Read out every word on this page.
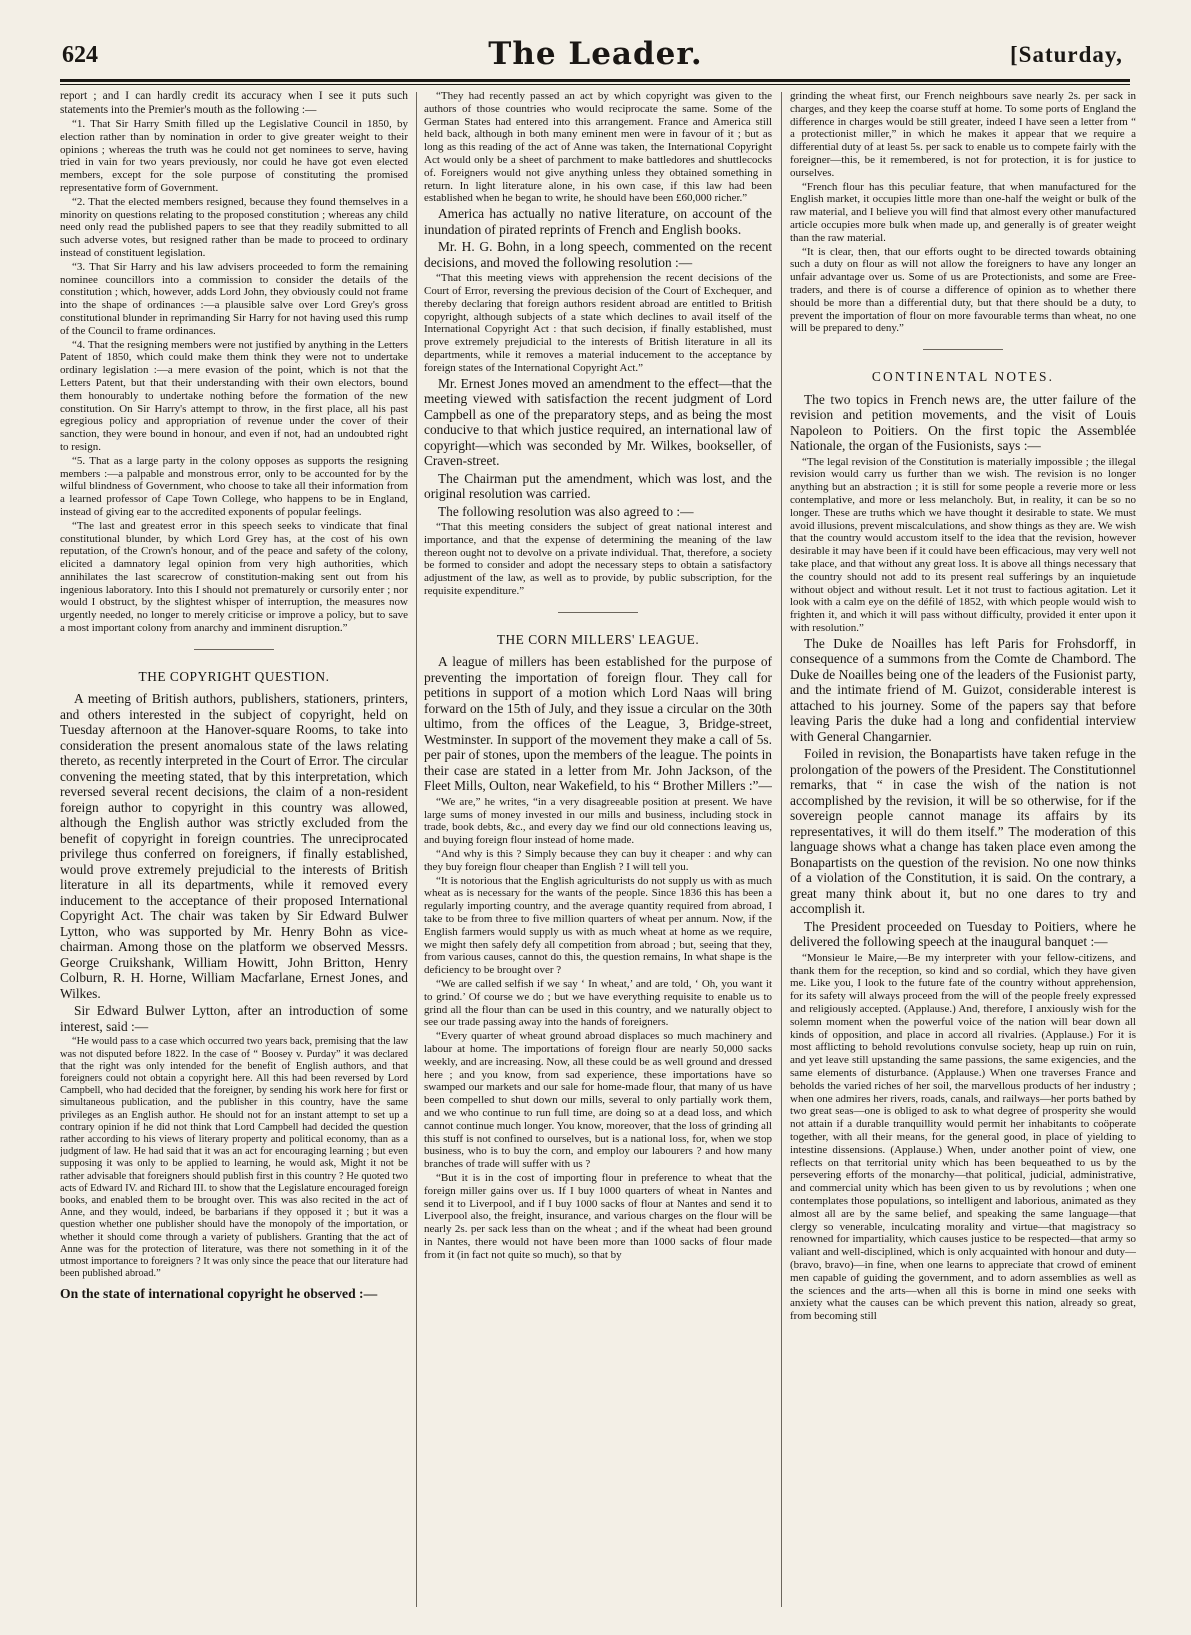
624	The Leader.	[Saturday,

report ; and I can hardly credit its accuracy when I see it puts such statements into the Premier's mouth as the following :—

“1. That Sir Harry Smith filled up the Legislative Council in 1850, by election rather than by nomination in order to give greater weight to their opinions ; whereas the truth was he could not get nominees to serve, having tried in vain for two years previously, nor could he have got even elected members, except for the sole purpose of constituting the promised representative form of Government.

“2. That the elected members resigned, because they found themselves in a minority on questions relating to the proposed constitution ; whereas any child need only read the published papers to see that they readily submitted to all such adverse votes, but resigned rather than be made to proceed to ordinary instead of constituent legislation.

“3. That Sir Harry and his law advisers proceeded to form the remaining nominee councillors into a commission to consider the details of the constitution ; which, however, adds Lord John, they obviously could not frame into the shape of ordinances :—a plausible salve over Lord Grey's gross constitutional blunder in reprimanding Sir Harry for not having used this rump of the Council to frame ordinances.

“4. That the resigning members were not justified by anything in the Letters Patent of 1850, which could make them think they were not to undertake ordinary legislation :—a mere evasion of the point, which is not that the Letters Patent, but that their understanding with their own electors, bound them honourably to undertake nothing before the formation of the new constitution. On Sir Harry's attempt to throw, in the first place, all his past egregious policy and appropriation of revenue under the cover of their sanction, they were bound in honour, and even if not, had an undoubted right to resign.

“5. That as a large party in the colony opposes as supports the resigning members :—a palpable and monstrous error, only to be accounted for by the wilful blindness of Government, who choose to take all their information from a learned professor of Cape Town College, who happens to be in England, instead of giving ear to the accredited exponents of popular feelings.

“The last and greatest error in this speech seeks to vindicate that final constitutional blunder, by which Lord Grey has, at the cost of his own reputation, of the Crown's honour, and of the peace and safety of the colony, elicited a damnatory legal opinion from very high authorities, which annihilates the last scarecrow of constitution-making sent out from his ingenious laboratory. Into this I should not prematurely or cursorily enter ; nor would I obstruct, by the slightest whisper of interruption, the measures now urgently needed, no longer to merely criticise or improve a policy, but to save a most important colony from anarchy and imminent disruption.”

THE COPYRIGHT QUESTION.

A meeting of British authors, publishers, stationers, printers, and others interested in the subject of copyright, held on Tuesday afternoon at the Hanover-square Rooms, to take into consideration the present anomalous state of the laws relating thereto, as recently interpreted in the Court of Error. The circular convening the meeting stated, that by this interpretation, which reversed several recent decisions, the claim of a non-resident foreign author to copyright in this country was allowed, although the English author was strictly excluded from the benefit of copyright in foreign countries. The unreciprocated privilege thus conferred on foreigners, if finally established, would prove extremely prejudicial to the interests of British literature in all its departments, while it removed every inducement to the acceptance of their proposed International Copyright Act. The chair was taken by Sir Edward Bulwer Lytton, who was supported by Mr. Henry Bohn as vice-chairman. Among those on the platform we observed Messrs. George Cruikshank, William Howitt, John Britton, Henry Colburn, R. H. Horne, William Macfarlane, Ernest Jones, and Wilkes.

Sir Edward Bulwer Lytton, after an introduction of some interest, said :—

“He would pass to a case which occurred two years back, premising that the law was not disputed before 1822. In the case of “ Boosey v. Purday” it was declared that the right was only intended for the benefit of English authors, and that foreigners could not obtain a copyright here. All this had been reversed by Lord Campbell, who had decided that the foreigner, by sending his work here for first or simultaneous publication, and the publisher in this country, have the same privileges as an English author. He should not for an instant attempt to set up a contrary opinion if he did not think that Lord Campbell had decided the question rather according to his views of literary property and political economy, than as a judgment of law. He had said that it was an act for encouraging learning ; but even supposing it was only to be applied to learning, he would ask, Might it not be rather advisable that foreigners should publish first in this country ? He quoted two acts of Edward IV. and Richard III. to show that the Legislature encouraged foreign books, and enabled them to be brought over. This was also recited in the act of Anne, and they would, indeed, be barbarians if they opposed it ; but it was a question whether one publisher should have the monopoly of the importation, or whether it should come through a variety of publishers. Granting that the act of Anne was for the protection of literature, was there not something in it of the utmost importance to foreigners ? It was only since the peace that our literature had been published abroad.”

On the state of international copyright he observed :—

“They had recently passed an act by which copyright was given to the authors of those countries who would reciprocate the same. Some of the German States had entered into this arrangement. France and America still held back, although in both many eminent men were in favour of it ; but as long as this reading of the act of Anne was taken, the International Copyright Act would only be a sheet of parchment to make battledores and shuttlecocks of. Foreigners would not give anything unless they obtained something in return. In light literature alone, in his own case, if this law had been established when he began to write, he should have been £60,000 richer.”

America has actually no native literature, on account of the inundation of pirated reprints of French and English books.

Mr. H. G. Bohn, in a long speech, commented on the recent decisions, and moved the following resolution :—

“That this meeting views with apprehension the recent decisions of the Court of Error, reversing the previous decision of the Court of Exchequer, and thereby declaring that foreign authors resident abroad are entitled to British copyright, although subjects of a state which declines to avail itself of the International Copyright Act : that such decision, if finally established, must prove extremely prejudicial to the interests of British literature in all its departments, while it removes a material inducement to the acceptance by foreign states of the International Copyright Act.”

Mr. Ernest Jones moved an amendment to the effect—that the meeting viewed with satisfaction the recent judgment of Lord Campbell as one of the preparatory steps, and as being the most conducive to that which justice required, an international law of copyright—which was seconded by Mr. Wilkes, bookseller, of Craven-street.

The Chairman put the amendment, which was lost, and the original resolution was carried.

The following resolution was also agreed to :—

“That this meeting considers the subject of great national interest and importance, and that the expense of determining the meaning of the law thereon ought not to devolve on a private individual. That, therefore, a society be formed to consider and adopt the necessary steps to obtain a satisfactory adjustment of the law, as well as to provide, by public subscription, for the requisite expenditure.”

THE CORN MILLERS' LEAGUE.

A league of millers has been established for the purpose of preventing the importation of foreign flour. They call for petitions in support of a motion which Lord Naas will bring forward on the 15th of July, and they issue a circular on the 30th ultimo, from the offices of the League, 3, Bridge-street, Westminster. In support of the movement they make a call of 5s. per pair of stones, upon the members of the league. The points in their case are stated in a letter from Mr. John Jackson, of the Fleet Mills, Oulton, near Wakefield, to his “ Brother Millers :”—

“We are,” he writes, “in a very disagreeable position at present. We have large sums of money invested in our mills and business, including stock in trade, book debts, &c., and every day we find our old connections leaving us, and buying foreign flour instead of home made.

“And why is this ? Simply because they can buy it cheaper : and why can they buy foreign flour cheaper than English ? I will tell you.

“It is notorious that the English agriculturists do not supply us with as much wheat as is necessary for the wants of the people. Since 1836 this has been a regularly importing country, and the average quantity required from abroad, I take to be from three to five million quarters of wheat per annum. Now, if the English farmers would supply us with as much wheat at home as we require, we might then safely defy all competition from abroad ; but, seeing that they, from various causes, cannot do this, the question remains, In what shape is the deficiency to be brought over ?

“We are called selfish if we say ‘ In wheat,’ and are told, ‘ Oh, you want it to grind.’ Of course we do ; but we have everything requisite to enable us to grind all the flour than can be used in this country, and we naturally object to see our trade passing away into the hands of foreigners.

“Every quarter of wheat ground abroad displaces so much machinery and labour at home. The importations of foreign flour are nearly 50,000 sacks weekly, and are increasing. Now, all these could be as well ground and dressed here ; and you know, from sad experience, these importations have so swamped our markets and our sale for home-made flour, that many of us have been compelled to shut down our mills, several to only partially work them, and we who continue to run full time, are doing so at a dead loss, and which cannot continue much longer. You know, moreover, that the loss of grinding all this stuff is not confined to ourselves, but is a national loss, for, when we stop business, who is to buy the corn, and employ our labourers ? and how many branches of trade will suffer with us ?

“But it is in the cost of importing flour in preference to wheat that the foreign miller gains over us. If I buy 1000 quarters of wheat in Nantes and send it to Liverpool, and if I buy 1000 sacks of flour at Nantes and send it to Liverpool also, the freight, insurance, and various charges on the flour will be nearly 2s. per sack less than on the wheat ; and if the wheat had been ground in Nantes, there would not have been more than 1000 sacks of flour made from it (in fact not quite so much), so that by

grinding the wheat first, our French neighbours save nearly 2s. per sack in charges, and they keep the coarse stuff at home. To some ports of England the difference in charges would be still greater, indeed I have seen a letter from “ a protectionist miller,” in which he makes it appear that we require a differential duty of at least 5s. per sack to enable us to compete fairly with the foreigner—this, be it remembered, is not for protection, it is for justice to ourselves.

“French flour has this peculiar feature, that when manufactured for the English market, it occupies little more than one-half the weight or bulk of the raw material, and I believe you will find that almost every other manufactured article occupies more bulk when made up, and generally is of greater weight than the raw material.

“It is clear, then, that our efforts ought to be directed towards obtaining such a duty on flour as will not allow the foreigners to have any longer an unfair advantage over us. Some of us are Protectionists, and some are Free-traders, and there is of course a difference of opinion as to whether there should be more than a differential duty, but that there should be a duty, to prevent the importation of flour on more favourable terms than wheat, no one will be prepared to deny.”

CONTINENTAL NOTES.

The two topics in French news are, the utter failure of the revision and petition movements, and the visit of Louis Napoleon to Poitiers. On the first topic the Assemblée Nationale, the organ of the Fusionists, says :—

“The legal revision of the Constitution is materially impossible ; the illegal revision would carry us further than we wish. The revision is no longer anything but an abstraction ; it is still for some people a reverie more or less contemplative, and more or less melancholy. But, in reality, it can be so no longer. These are truths which we have thought it desirable to state. We must avoid illusions, prevent miscalculations, and show things as they are. We wish that the country would accustom itself to the idea that the revision, however desirable it may have been if it could have been efficacious, may very well not take place, and that without any great loss. It is above all things necessary that the country should not add to its present real sufferings by an inquietude without object and without result. Let it not trust to factious agitation. Let it look with a calm eye on the défilé of 1852, with which people would wish to frighten it, and which it will pass without difficulty, provided it enter upon it with resolution.”

The Duke de Noailles has left Paris for Frohsdorff, in consequence of a summons from the Comte de Chambord. The Duke de Noailles being one of the leaders of the Fusionist party, and the intimate friend of M. Guizot, considerable interest is attached to his journey. Some of the papers say that before leaving Paris the duke had a long and confidential interview with General Changarnier.

Foiled in revision, the Bonapartists have taken refuge in the prolongation of the powers of the President. The Constitutionnel remarks, that “ in case the wish of the nation is not accomplished by the revision, it will be so otherwise, for if the sovereign people cannot manage its affairs by its representatives, it will do them itself.” The moderation of this language shows what a change has taken place even among the Bonapartists on the question of the revision. No one now thinks of a violation of the Constitution, it is said. On the contrary, a great many think about it, but no one dares to try and accomplish it.

The President proceeded on Tuesday to Poitiers, where he delivered the following speech at the inaugural banquet :—

“Monsieur le Maire,—Be my interpreter with your fellow-citizens, and thank them for the reception, so kind and so cordial, which they have given me. Like you, I look to the future fate of the country without apprehension, for its safety will always proceed from the will of the people freely expressed and religiously accepted. (Applause.) And, therefore, I anxiously wish for the solemn moment when the powerful voice of the nation will bear down all kinds of opposition, and place in accord all rivalries. (Applause.) For it is most afflicting to behold revolutions convulse society, heap up ruin on ruin, and yet leave still upstanding the same passions, the same exigencies, and the same elements of disturbance. (Applause.) When one traverses France and beholds the varied riches of her soil, the marvellous products of her industry ; when one admires her rivers, roads, canals, and railways—her ports bathed by two great seas—one is obliged to ask to what degree of prosperity she would not attain if a durable tranquillity would permit her inhabitants to coöperate together, with all their means, for the general good, in place of yielding to intestine dissensions. (Applause.) When, under another point of view, one reflects on that territorial unity which has been bequeathed to us by the persevering efforts of the monarchy—that political, judicial, administrative, and commercial unity which has been given to us by revolutions ; when one contemplates those populations, so intelligent and laborious, animated as they almost all are by the same belief, and speaking the same language—that clergy so venerable, inculcating morality and virtue—that magistracy so renowned for impartiality, which causes justice to be respected—that army so valiant and well-disciplined, which is only acquainted with honour and duty—(bravo, bravo)—in fine, when one learns to appreciate that crowd of eminent men capable of guiding the government, and to adorn assemblies as well as the sciences and the arts—when all this is borne in mind one seeks with anxiety what the causes can be which prevent this nation, already so great, from becoming still
